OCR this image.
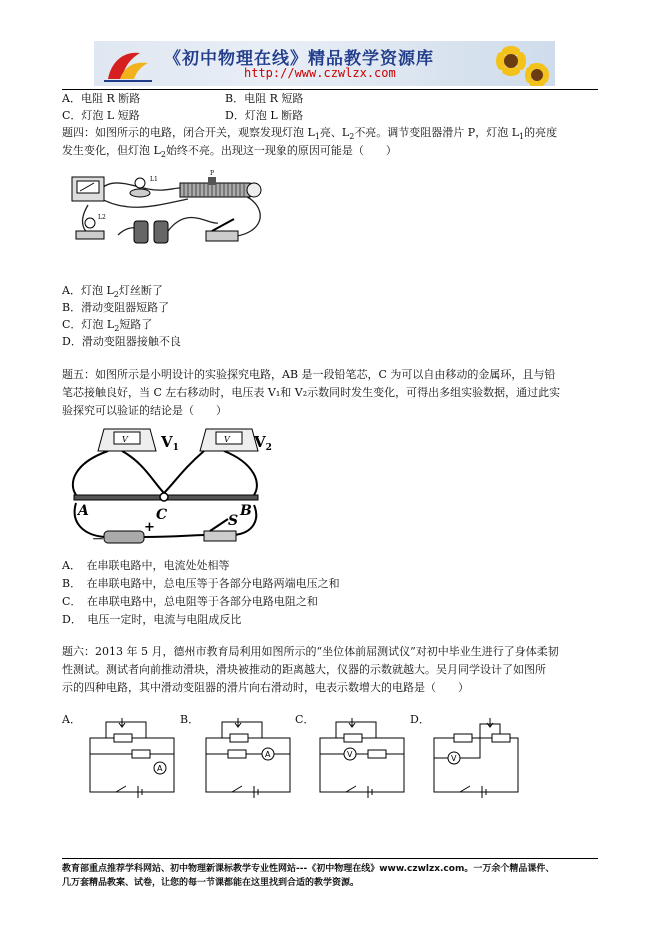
《初中物理在线》精品教学资源库
http://www.czwlzx.com
A．电阻 R 断路	B．电阻 R 短路
C．灯泡 L 短路	D．灯泡 L 断路
题四：如图所示的电路，闭合开关，观察发现灯泡 $L_1$亮、$L_2$不亮。调节变阻器滑片 P，灯泡 $L_1$的亮度
发生变化，但灯泡 $L_2$始终不亮。出现这一现象的原因可能是（　　）
L1
P
L2
A．灯泡 $L_2$灯丝断了
B．滑动变阻器短路了
C．灯泡 $L_2$短路了
D．滑动变阻器接触不良
题五：如图所示是小明设计的实验探究电路，AB 是一段铅笔芯，C 为可以自由移动的金属环，且与铅
笔芯接触良好，当 C 左右移动时，电压表 V₁和 V₂示数同时发生变化，可得出多组实验数据，通过此实
验探究可以验证的结论是（　　）
V $V_1$
V $V_2$
A	C	B
－
+	S
A．　在串联电路中，电流处处相等
B．　在串联电路中，总电压等于各部分电路两端电压之和
C．　在串联电路中，总电阻等于各部分电路电阻之和
D．　电压一定时，电流与电阻成反比
题六：2013 年 5 月，德州市教育局利用如图所示的“坐位体前屈测试仪”对初中毕业生进行了身体柔韧
性测试。测试者向前推动滑块，滑块被推动的距离越大，仪器的示数就越大。吴月同学设计了如图所
示的四种电路，其中滑动变阻器的滑片向右滑动时，电表示数增大的电路是（　　）
A．
A
B．
A
C．
V
D．
V
教育部重点推荐学科网站、初中物理新课标教学专业性网站---《初中物理在线》www.czwlzx.com。一万余个精品课件、
几万套精品教案、试卷，让您的每一节课都能在这里找到合适的教学资源。
